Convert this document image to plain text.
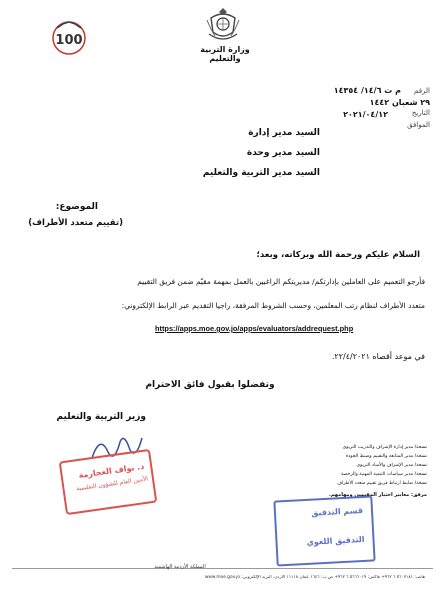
وزارة التربية والتعليم
100
الرقم  م ت ١٤/٦/ ١٤٣٥٤
٢٩ شعبان ١٤٤٢
التاريخ
٢٠٢١/٠٤/١٢
الموافق
السيد مدير إدارة
السيد مدير وحدة
السيد مدير التربية والتعليم
الموضوع:
(تقييم متعدد الأطراف)
السلام عليكم ورحمة الله وبركاته، وبعد؛
فأرجو التعميم على العاملين بإدارتكم/ مديريتكم الراغبين بالعمل بمهمة مقيّم ضمن فريق التقييم
متعدد الأطراف لنظام رتب المعلمين، وحسب الشروط المرفقة، راجيا التقديم عبر الرابط الإلكتروني:
https://apps.moe.gov.jo/apps/evaluators/addrequest.php
في موعد أقصاه ٢٢/٤/٢٠٢١.
وتفضلوا بقبول فائق الاحترام
وزير التربية والتعليم
د. نواف العجارمة
الأمين العام للشؤون التعليمية
نسخة/ مدير إدارة الإشراف والتدريب التربوي
نسخة/ مدير المتابعة والتقييم وضبط الجودة
نسخة/ مدير الإشراف والأساد التربوي
نسخة/ مدير سياسات التنمية المهنية والرخصة
نسخة/ ضابط ارتباط فريق تقييم متعدد الأطراف
مرفق: معايير اختيار المقيمين ومهامهم.
قسم التدقيق
التدقيق اللغوي
المملكة الأردنية الهاشمية
هاتف: ٥٦٠٧١٨١ ٦ ٩٦٢+ فاكس: ٥٦٦٦٠١٩ ٦ ٩٦٢+ ص.ب: ١٦٤٦ عمان ١١١١٨ الأردن، البريد الإلكتروني: www.moe.gov.jo
